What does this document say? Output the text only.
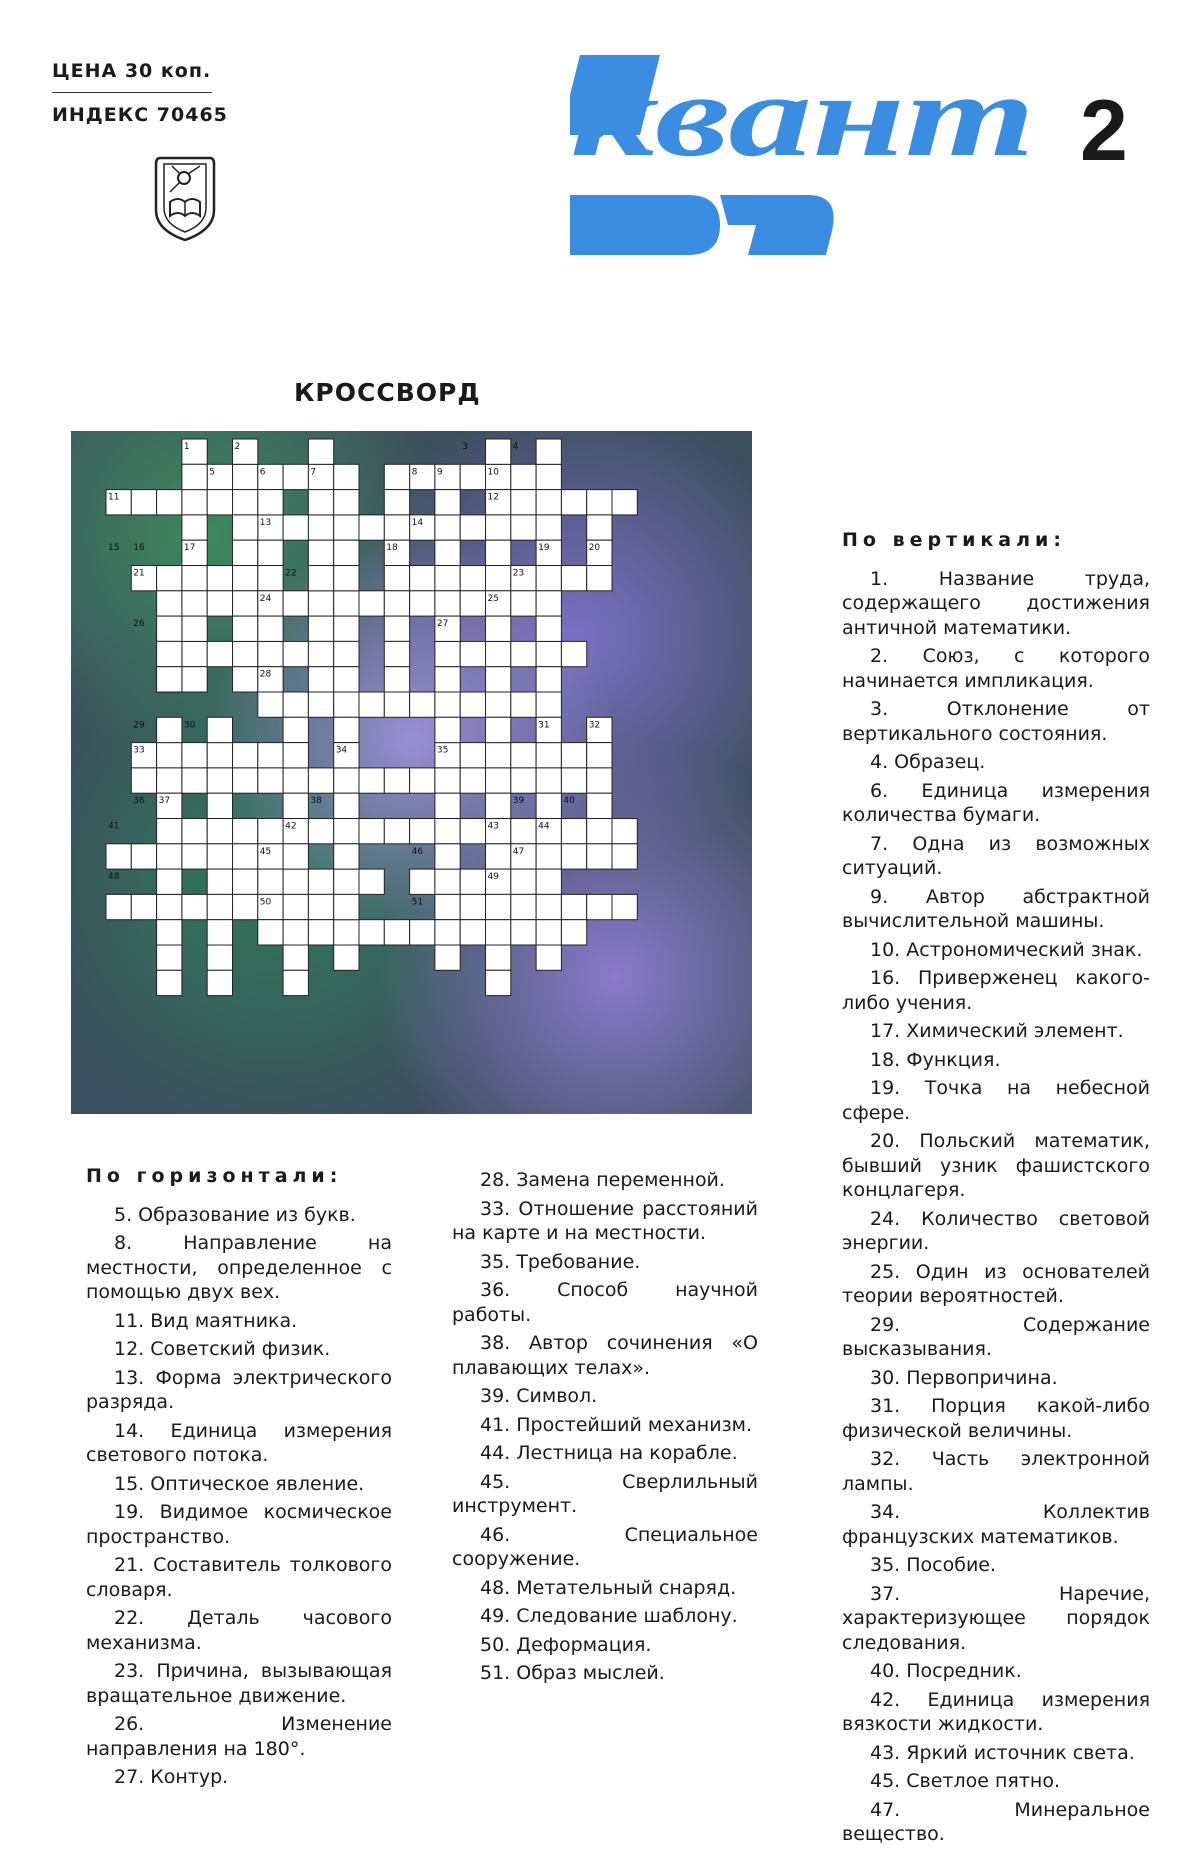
ЦЕНА 30 коп.
ИНДЕКС 70465	квант 2
КРОССВОРД
1	2	3	4
5	6	7	8 9	10
11	12
13	14
15 16	17	18	19	20
21	22	23
24	25
26	27
28
29	30	31	32
33	34	35
36 37	38	39	40
41	42	43	44
45	46	47
48	49
50	51
По вертикали:
1. Название труда, содержащего достижения античной математики.
2. Союз, с которого начинается импликация.
3. Отклонение от вертикального состояния.
4. Образец.
6. Единица измерения количества бумаги.
7. Одна из возможных ситуаций.
9. Автор абстрактной вычислительной машины.
10. Астрономический знак.
16. Приверженец какого-либо учения.
17. Химический элемент.
18. Функция.
19. Точка на небесной сфере.
20. Польский математик, бывший узник фашистского концлагеря.
24. Количество световой энергии.
25. Один из основателей теории вероятностей.
29. Содержание высказывания.
30. Первопричина.
31. Порция какой-либо физической величины.
32. Часть электронной лампы.
34. Коллектив французских математиков.
35. Пособие.
37. Наречие, характеризующее порядок следования.
40. Посредник.
42. Единица измерения вязкости жидкости.
43. Яркий источник света.
45. Светлое пятно.
47. Минеральное вещество.
По горизонтали:
5. Образование из букв.
8. Направление на местности, определенное с помощью двух вех.
11. Вид маятника.
12. Советский физик.
13. Форма электрического разряда.
14. Единица измерения светового потока.
15. Оптическое явление.
19. Видимое космическое пространство.
21. Составитель толкового словаря.
22. Деталь часового механизма.
23. Причина, вызывающая вращательное движение.
26. Изменение направления на 180°.
27. Контур.
28. Замена переменной.
33. Отношение расстояний на карте и на местности.
35. Требование.
36. Способ научной работы.
38. Автор сочинения «О плавающих телах».
39. Символ.
41. Простейший механизм.
44. Лестница на корабле.
45. Сверлильный инструмент.
46. Специальное сооружение.
48. Метательный снаряд.
49. Следование шаблону.
50. Деформация.
51. Образ мыслей.
